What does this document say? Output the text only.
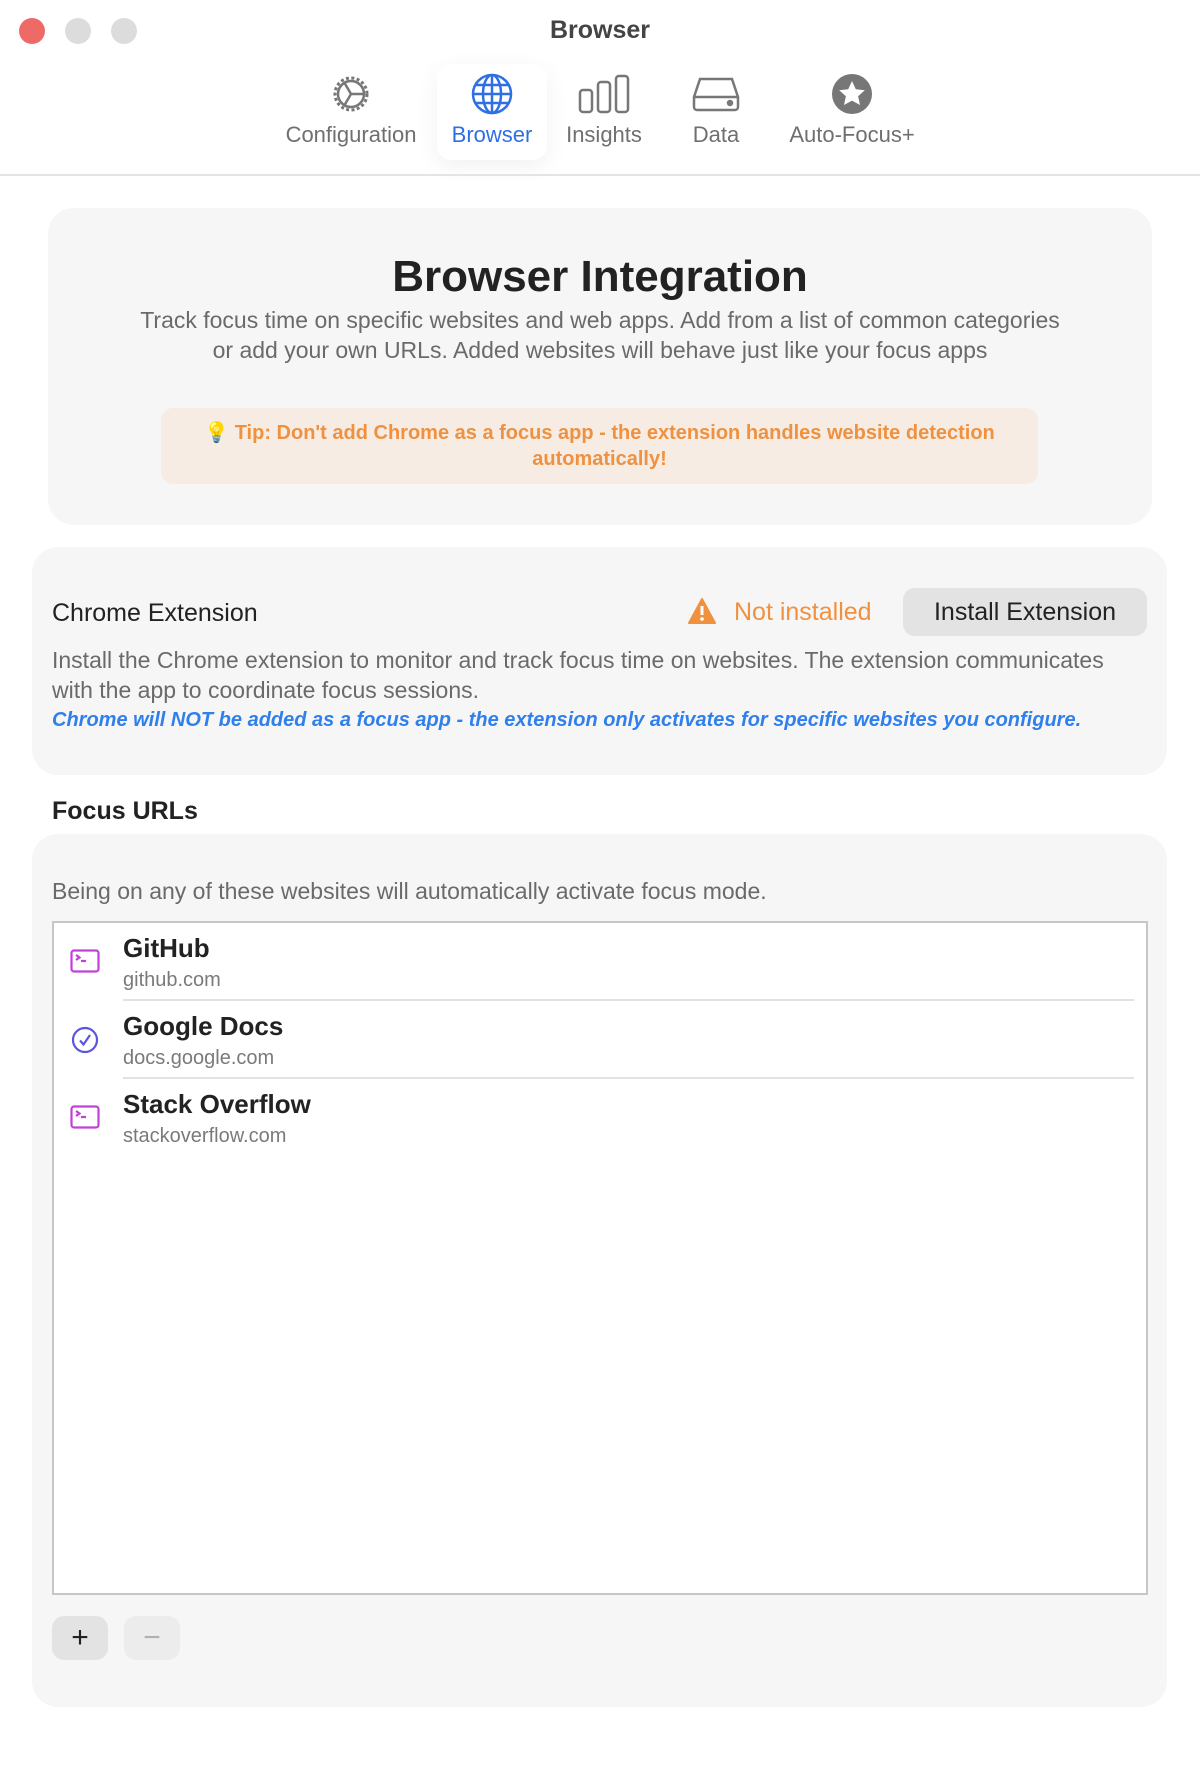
Browser
Configuration	Browser	Insights	Data	Auto-Focus+
Browser Integration
Track focus time on specific websites and web apps. Add from a list of common categories or add your own URLs. Added websites will behave just like your focus apps
💡 Tip: Don't add Chrome as a focus app - the extension handles website detection automatically!
Chrome Extension	Not installed
Install the Chrome extension to monitor and track focus time on websites. The extension communicates with the app to coordinate focus sessions.
Chrome will NOT be added as a focus app - the extension only activates for specific websites you configure.
Install Extension
Focus URLs
Being on any of these websites will automatically activate focus mode.
GitHub
github.com
Google Docs
docs.google.com
Stack Overflow
stackoverflow.com
+	−
